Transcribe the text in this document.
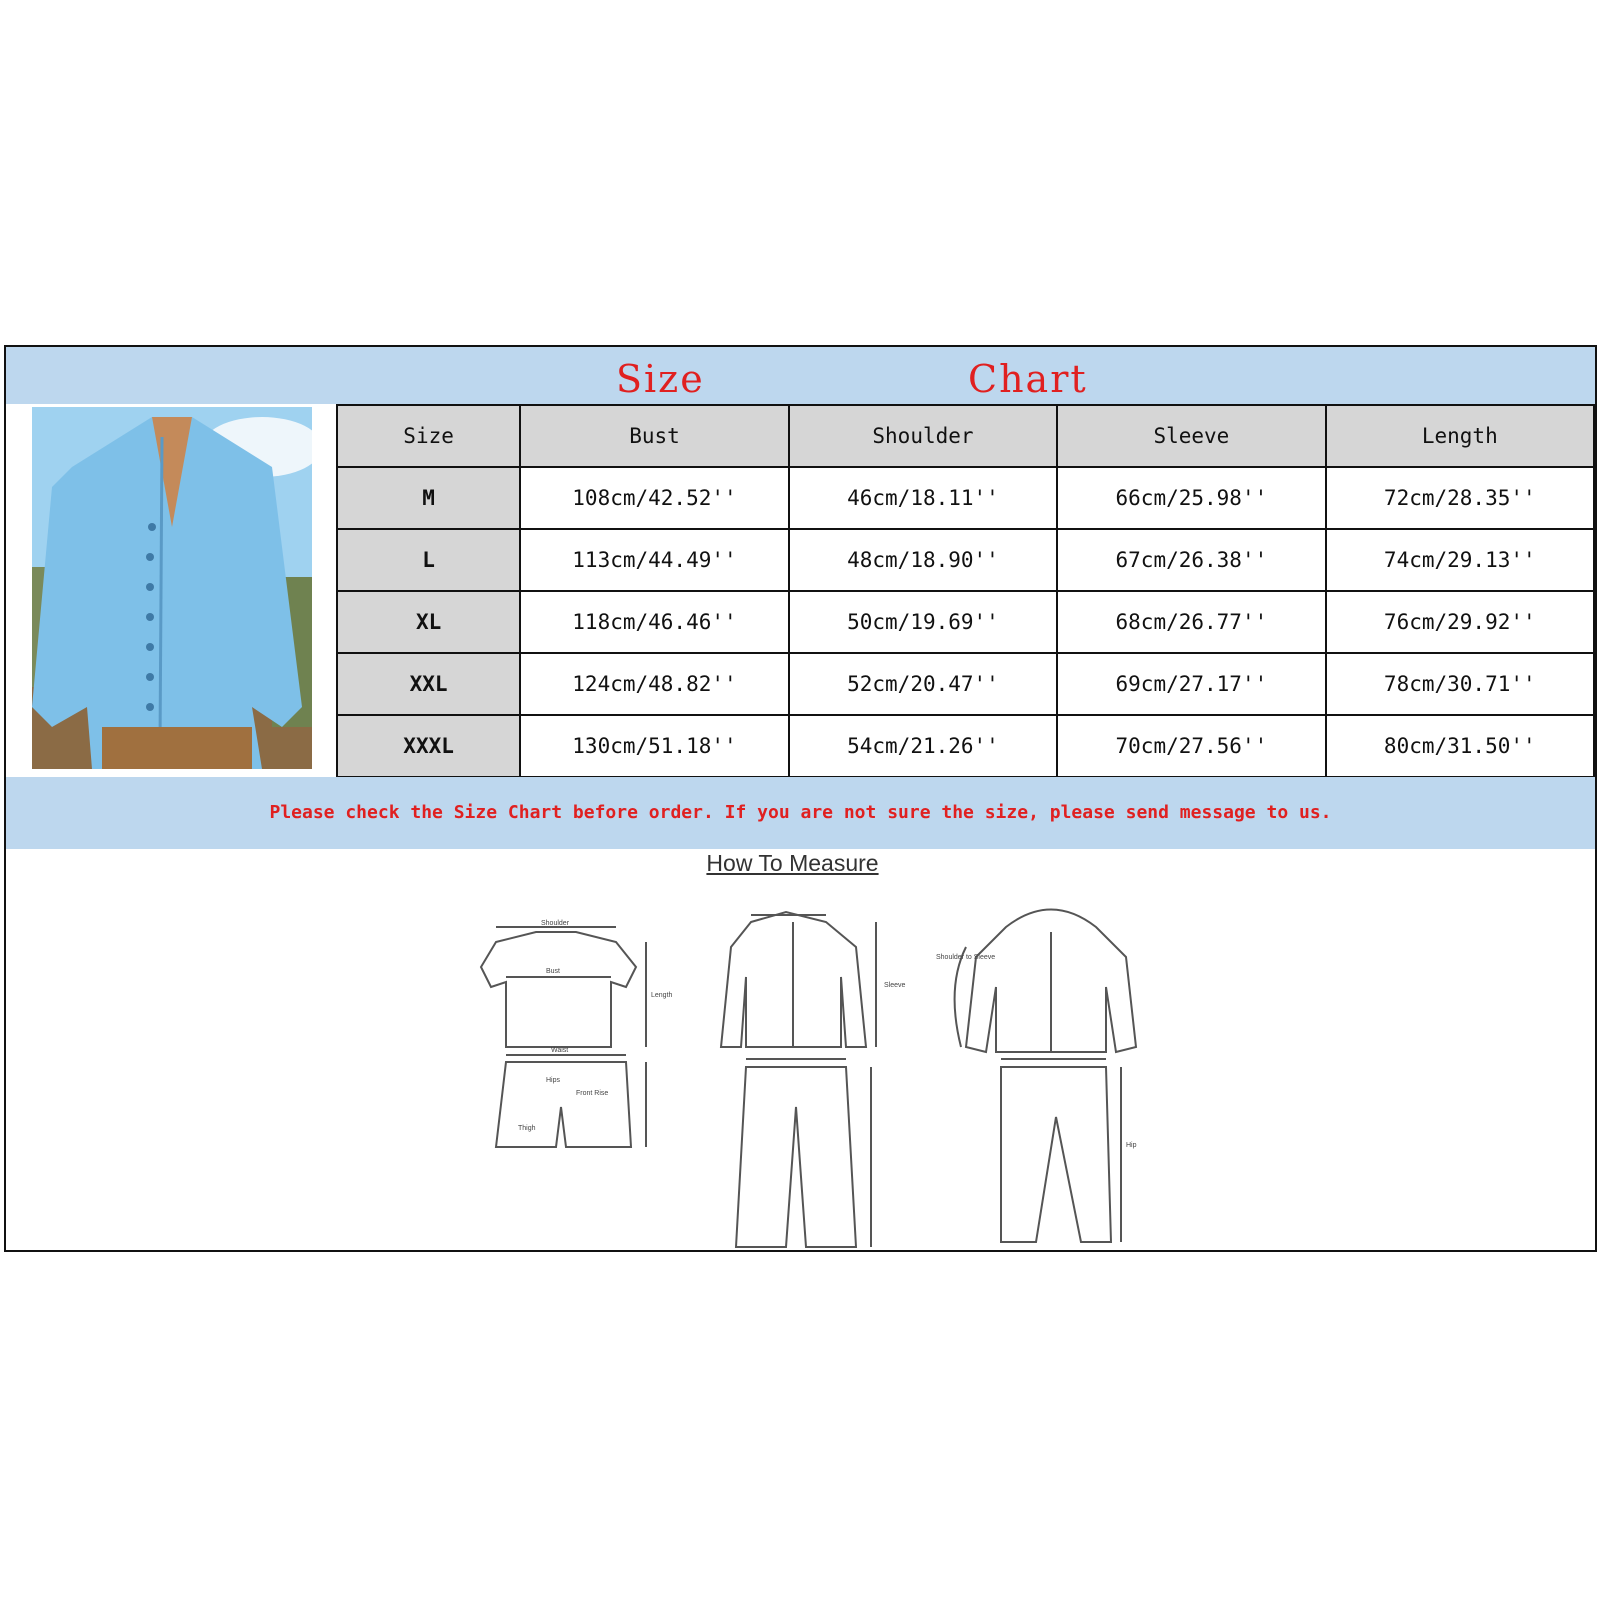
Size	Chart
Size	Bust	Shoulder	Sleeve	Length
M	108cm/42.52''	46cm/18.11''	66cm/25.98''	72cm/28.35''
L	113cm/44.49''	48cm/18.90''	67cm/26.38''	74cm/29.13''
XL	118cm/46.46''	50cm/19.69''	68cm/26.77''	76cm/29.92''
XXL	124cm/48.82''	52cm/20.47''	69cm/27.17''	78cm/30.71''
XXXL	130cm/51.18''	54cm/21.26''	70cm/27.56''	80cm/31.50''
Please check the Size Chart before order. If you are not sure the size, please send message to us.
How To Measure
Shoulder
Bust
Length
Waist
Hips
Front Rise
Thigh
Sleeve
Hip
Shoulder to Sleeve
